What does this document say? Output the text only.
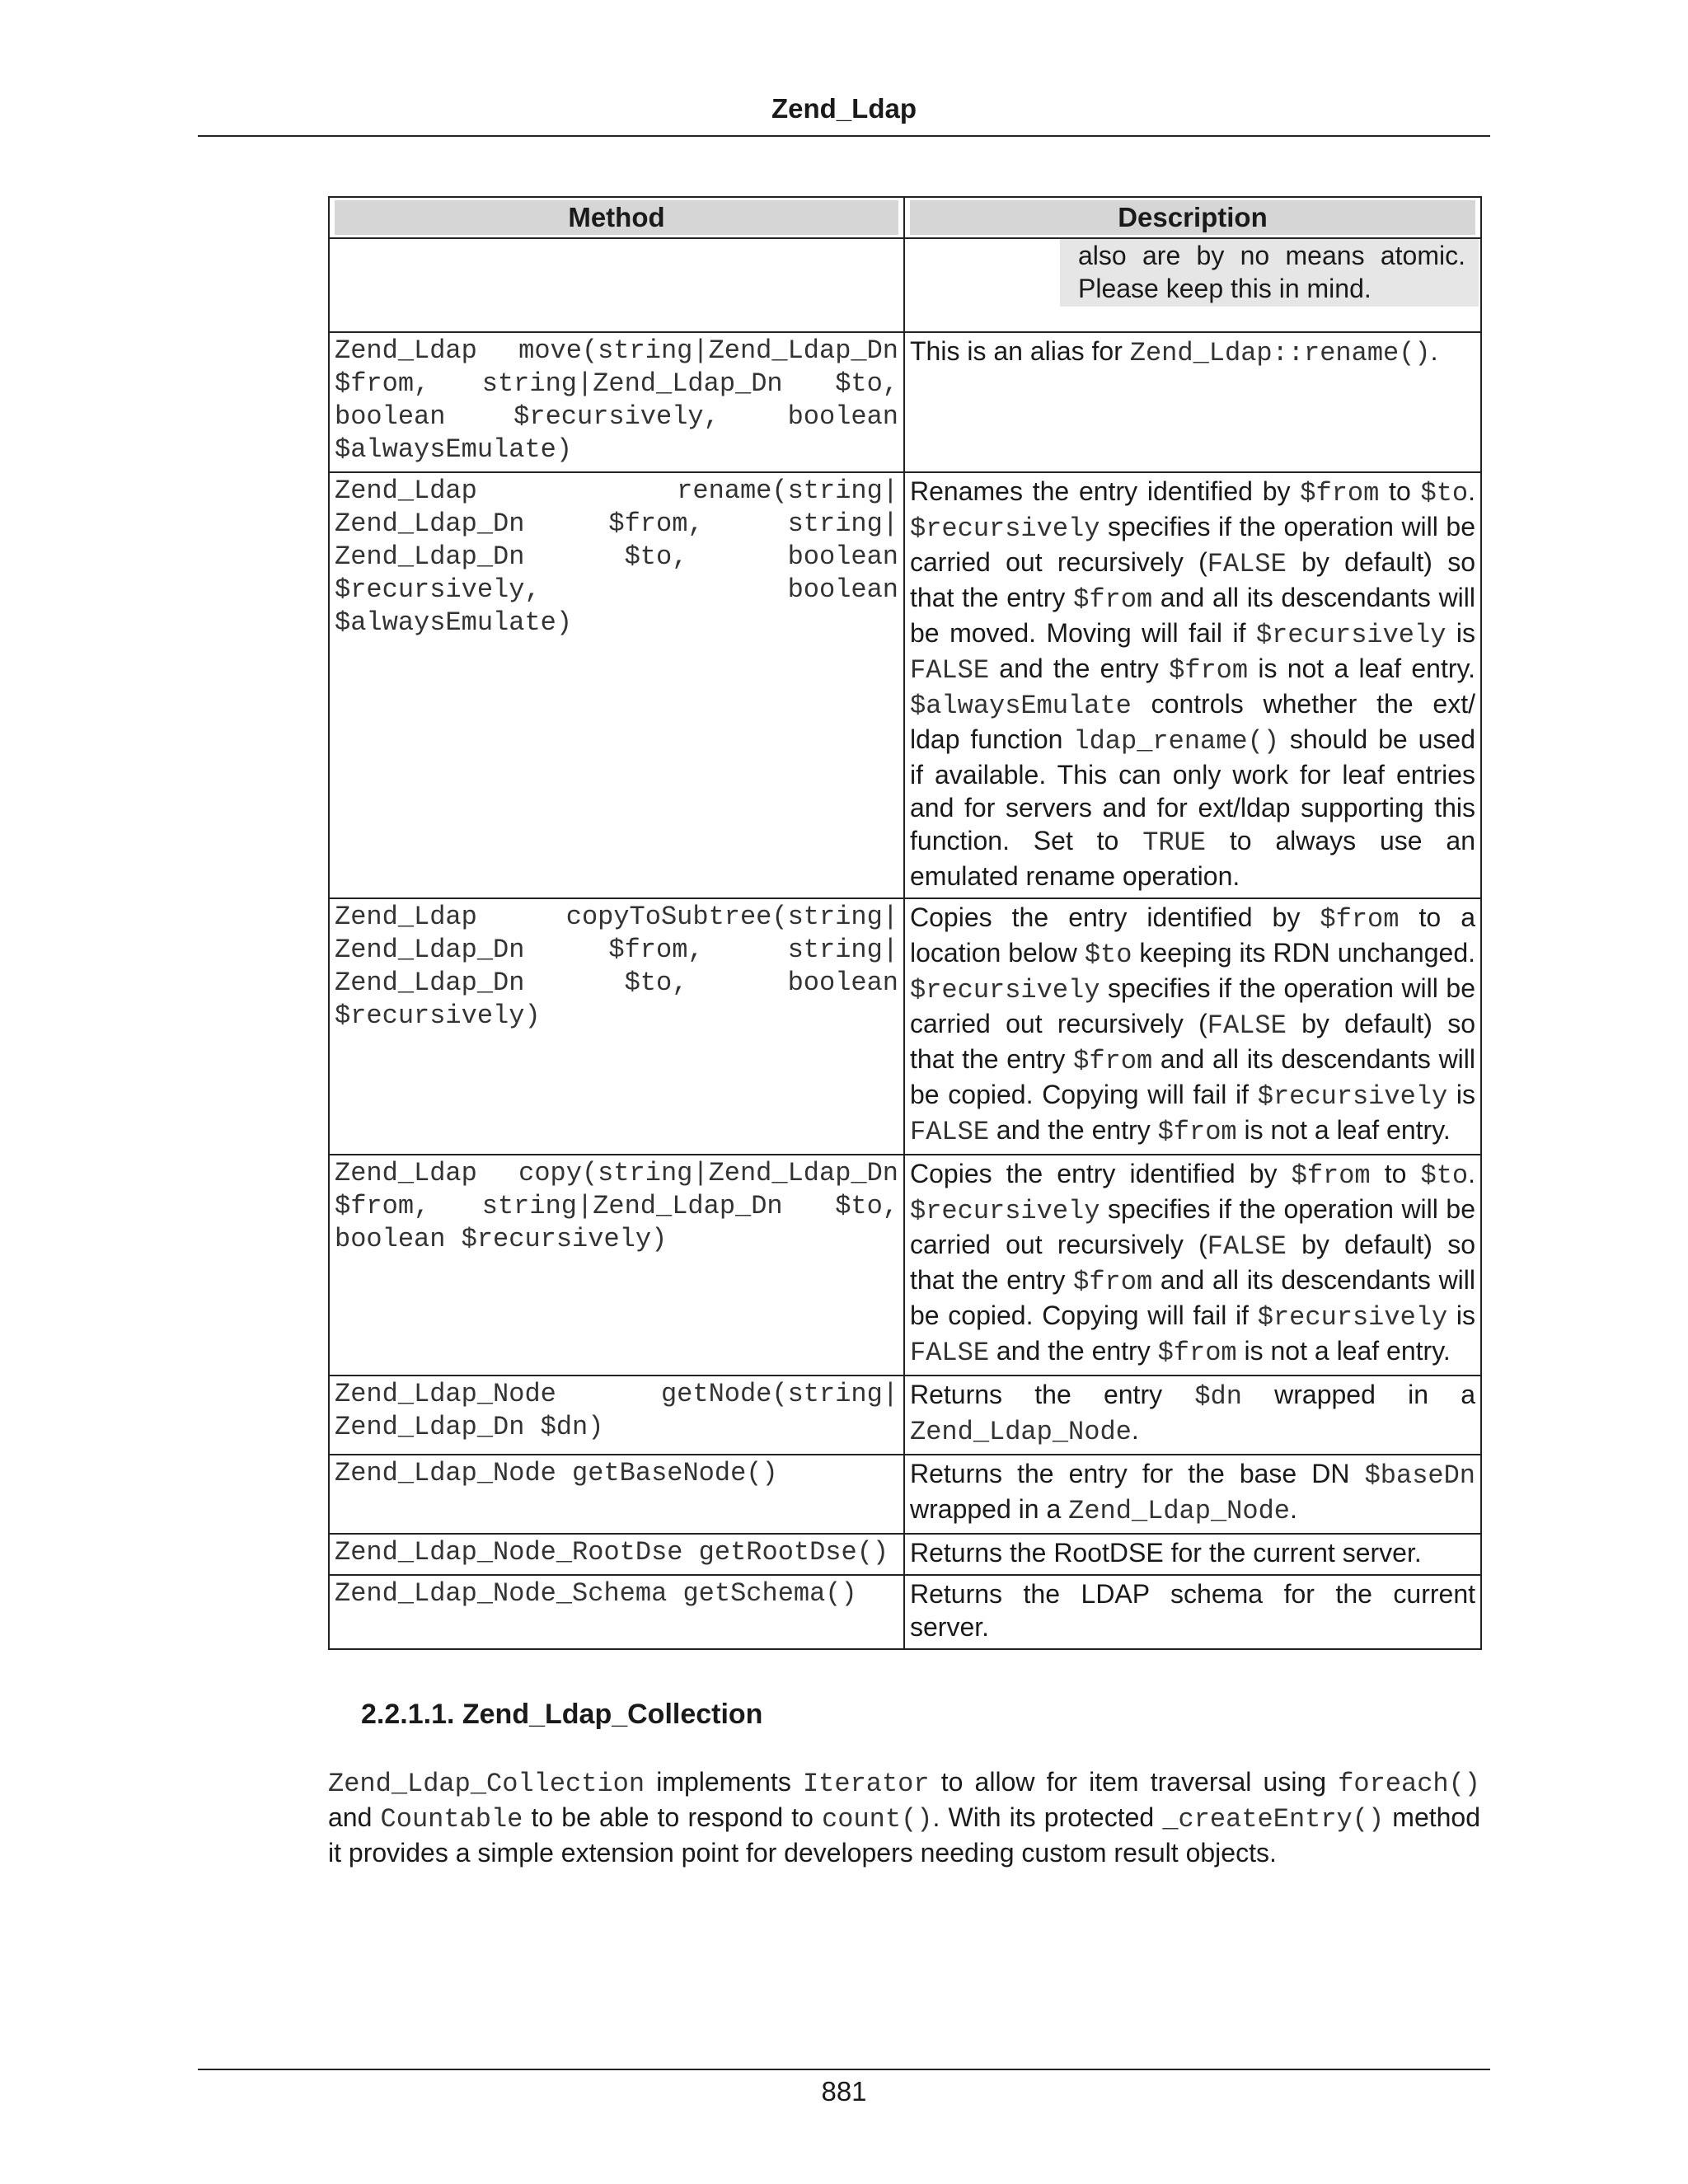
Zend_Ldap
Method	Description

	also are by no means atomic. Please keep this in mind.

Zend_Ldap move(string|Zend_Ldap_Dn $from, string|Zend_Ldap_Dn $to, boolean $recursively, boolean $alwaysEmulate)	This is an alias for Zend_Ldap::rename().
Zend_Ldap rename(string| Zend_Ldap_Dn $from, string| Zend_Ldap_Dn $to, boolean $recursively, boolean $alwaysEmulate)	Renames the entry identified by $from to $to. $recursively specifies if the operation will be carried out recursively (FALSE by default) so that the entry $from and all its descendants will be moved. Moving will fail if $recursively is FALSE and the entry $from is not a leaf entry. $alwaysEmulate controls whether the ext/ ldap function ldap_rename() should be used if available. This can only work for leaf entries and for servers and for ext/ldap supporting this function. Set to TRUE to always use an emulated rename operation.
Zend_Ldap copyToSubtree(string| Zend_Ldap_Dn $from, string| Zend_Ldap_Dn $to, boolean $recursively)	Copies the entry identified by $from to a location below $to keeping its RDN unchanged. $recursively specifies if the operation will be carried out recursively (FALSE by default) so that the entry $from and all its descendants will be copied. Copying will fail if $recursively is FALSE and the entry $from is not a leaf entry.
Zend_Ldap copy(string|Zend_Ldap_Dn $from, string|Zend_Ldap_Dn $to, boolean $recursively)	Copies the entry identified by $from to $to. $recursively specifies if the operation will be carried out recursively (FALSE by default) so that the entry $from and all its descendants will be copied. Copying will fail if $recursively is FALSE and the entry $from is not a leaf entry.
Zend_Ldap_Node getNode(string| Zend_Ldap_Dn $dn)	Returns the entry $dn wrapped in a Zend_Ldap_Node.
Zend_Ldap_Node getBaseNode()	Returns the entry for the base DN $baseDn wrapped in a Zend_Ldap_Node.
Zend_Ldap_Node_RootDse getRootDse()	Returns the RootDSE for the current server.
Zend_Ldap_Node_Schema getSchema()	Returns the LDAP schema for the current server.
2.2.1.1. Zend_Ldap_Collection
Zend_Ldap_Collection implements Iterator to allow for item traversal using foreach() and Countable to be able to respond to count(). With its protected _createEntry() method it provides a simple extension point for developers needing custom result objects.
881
